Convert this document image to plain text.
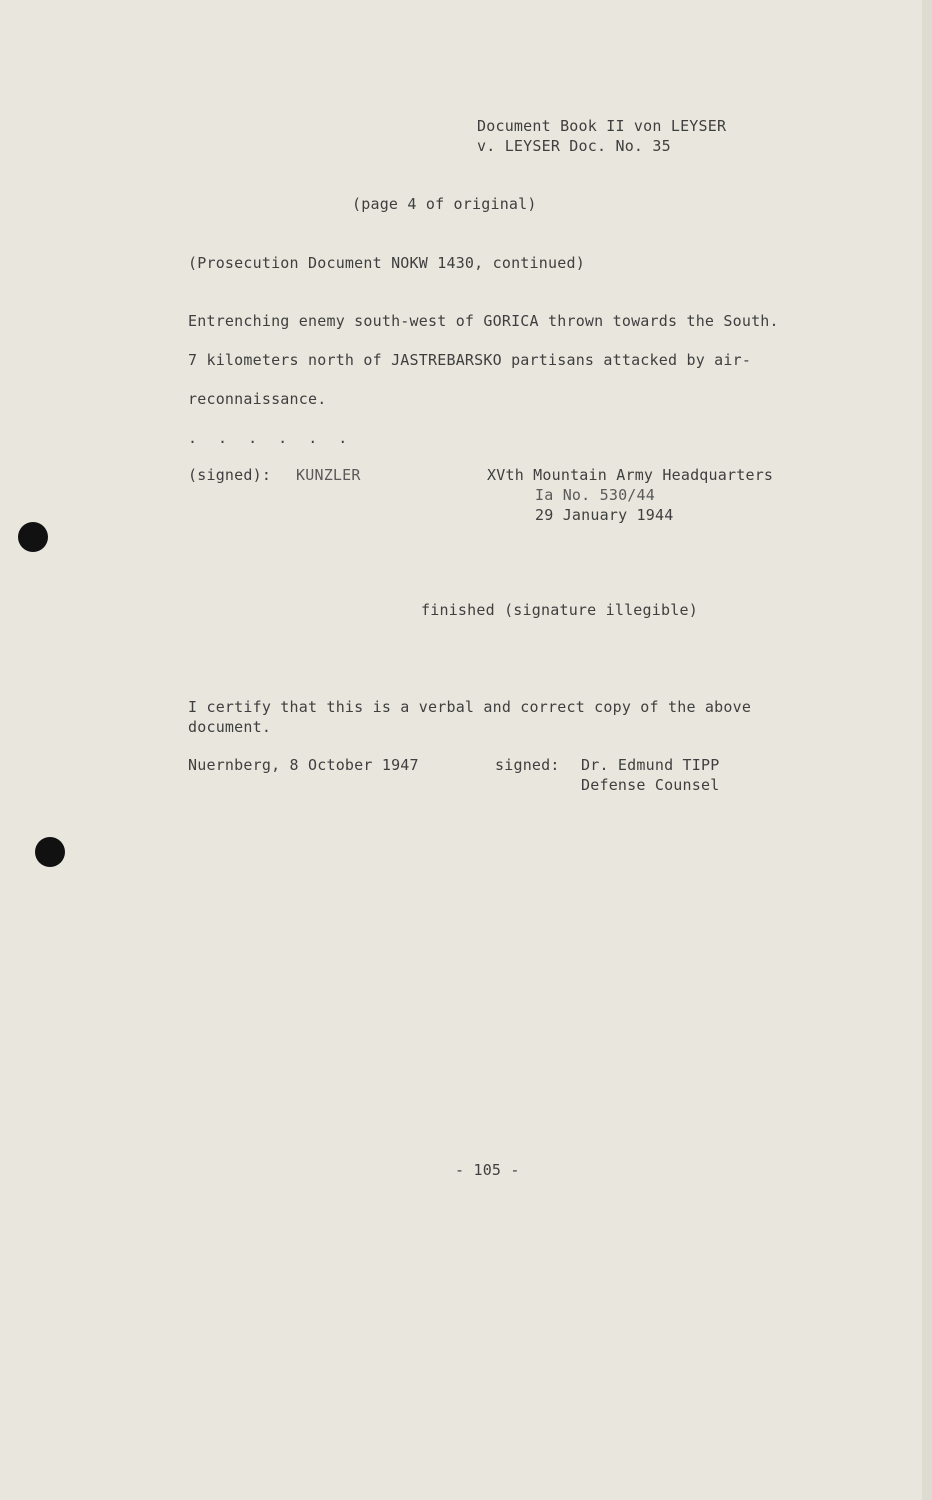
Document Book II von LEYSER
v. LEYSER Doc. No. 35
(page 4 of original)
(Prosecution Document NOKW 1430, continued)
Entrenching enemy south-west of GORICA thrown towards the South.
7 kilometers north of JASTREBARSKO partisans attacked by air-
reconnaissance.
. . . . . .
(signed): KUNZLER	XVth Mountain Army Headquarters
Ia No. 530/44
29 January 1944
finished (signature illegible)
I certify that this is a verbal and correct copy of the above
document.
Nuernberg, 8 October 1947	signed: Dr. Edmund TIPP
Defense Counsel
- 105 -
